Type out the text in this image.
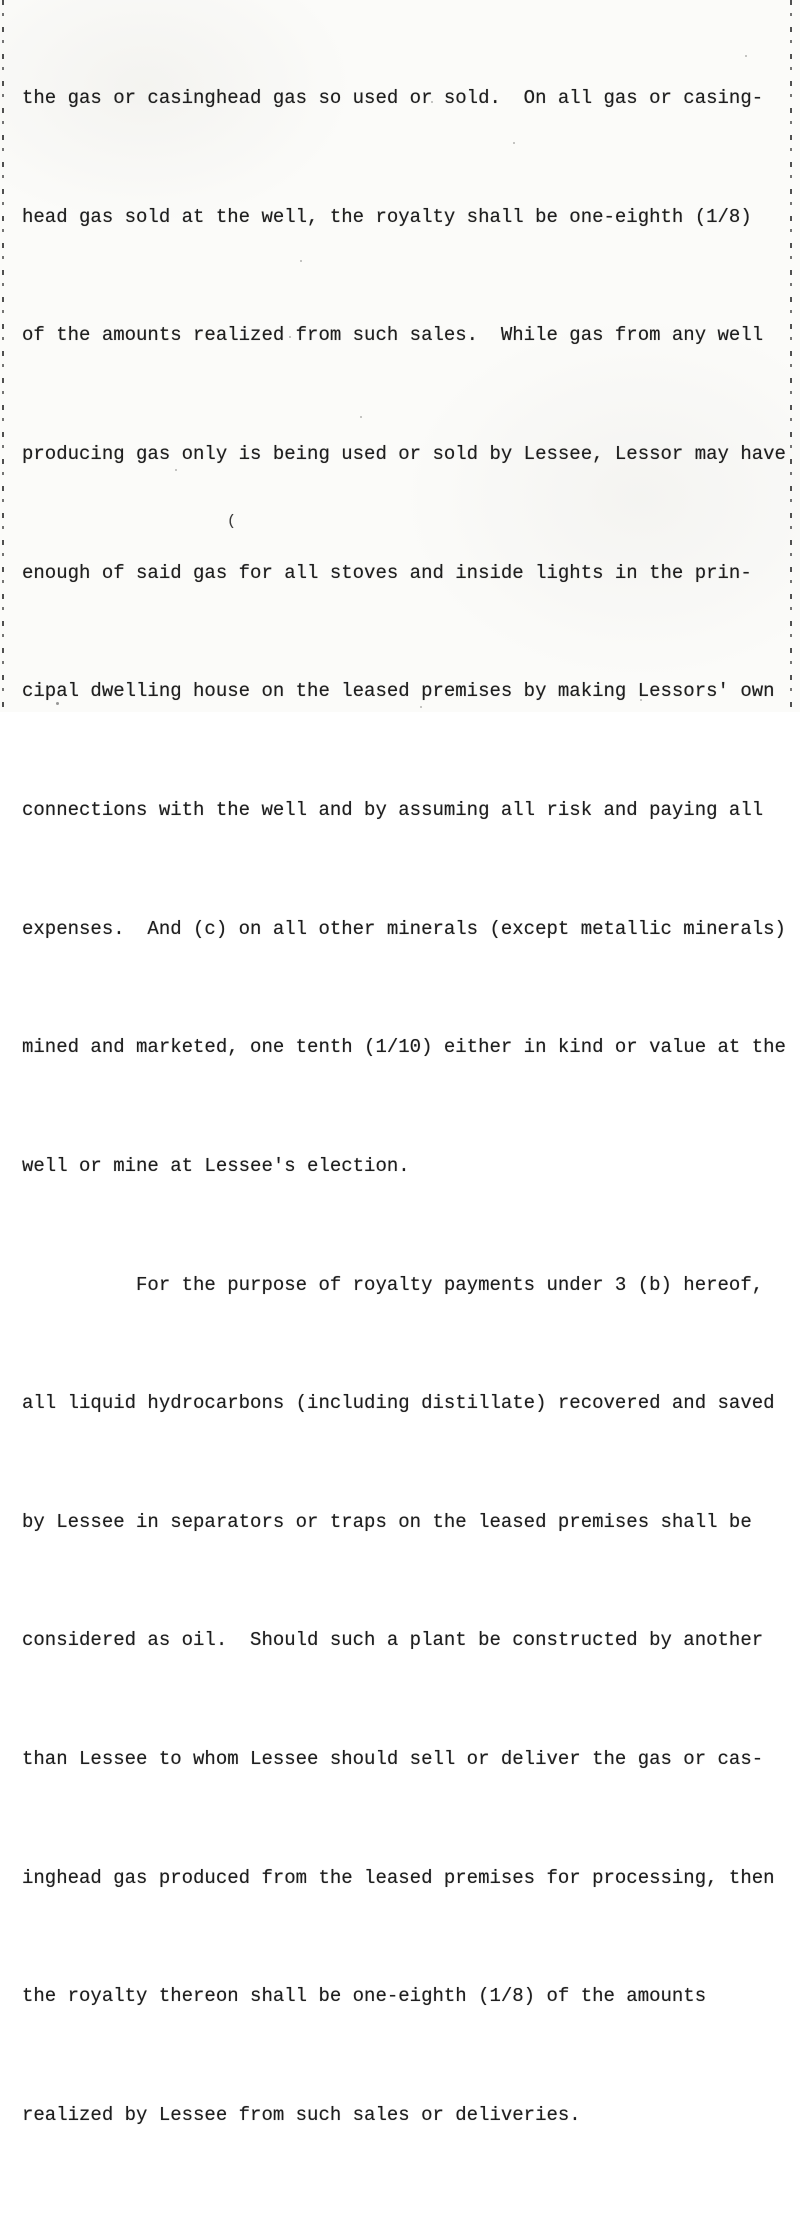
the gas or casinghead gas so used or sold.  On all gas or casing-

head gas sold at the well, the royalty shall be one-eighth (1/8)

of the amounts realized from such sales.  While gas from any well

producing gas only is being used or sold by Lessee, Lessor may have

enough of said gas for all stoves and inside lights in the prin-

cipal dwelling house on the leased premises by making Lessors' own

connections with the well and by assuming all risk and paying all

expenses.  And (c) on all other minerals (except metallic minerals)

mined and marketed, one tenth (1/10) either in kind or value at the

well or mine at Lessee's election.

For the purpose of royalty payments under 3 (b) hereof,

all liquid hydrocarbons (including distillate) recovered and saved

by Lessee in separators or traps on the leased premises shall be

considered as oil.  Should such a plant be constructed by another

than Lessee to whom Lessee should sell or deliver the gas or cas-

inghead gas produced from the leased premises for processing, then

the royalty thereon shall be one-eighth (1/8) of the amounts

realized by Lessee from such sales or deliveries.

(
